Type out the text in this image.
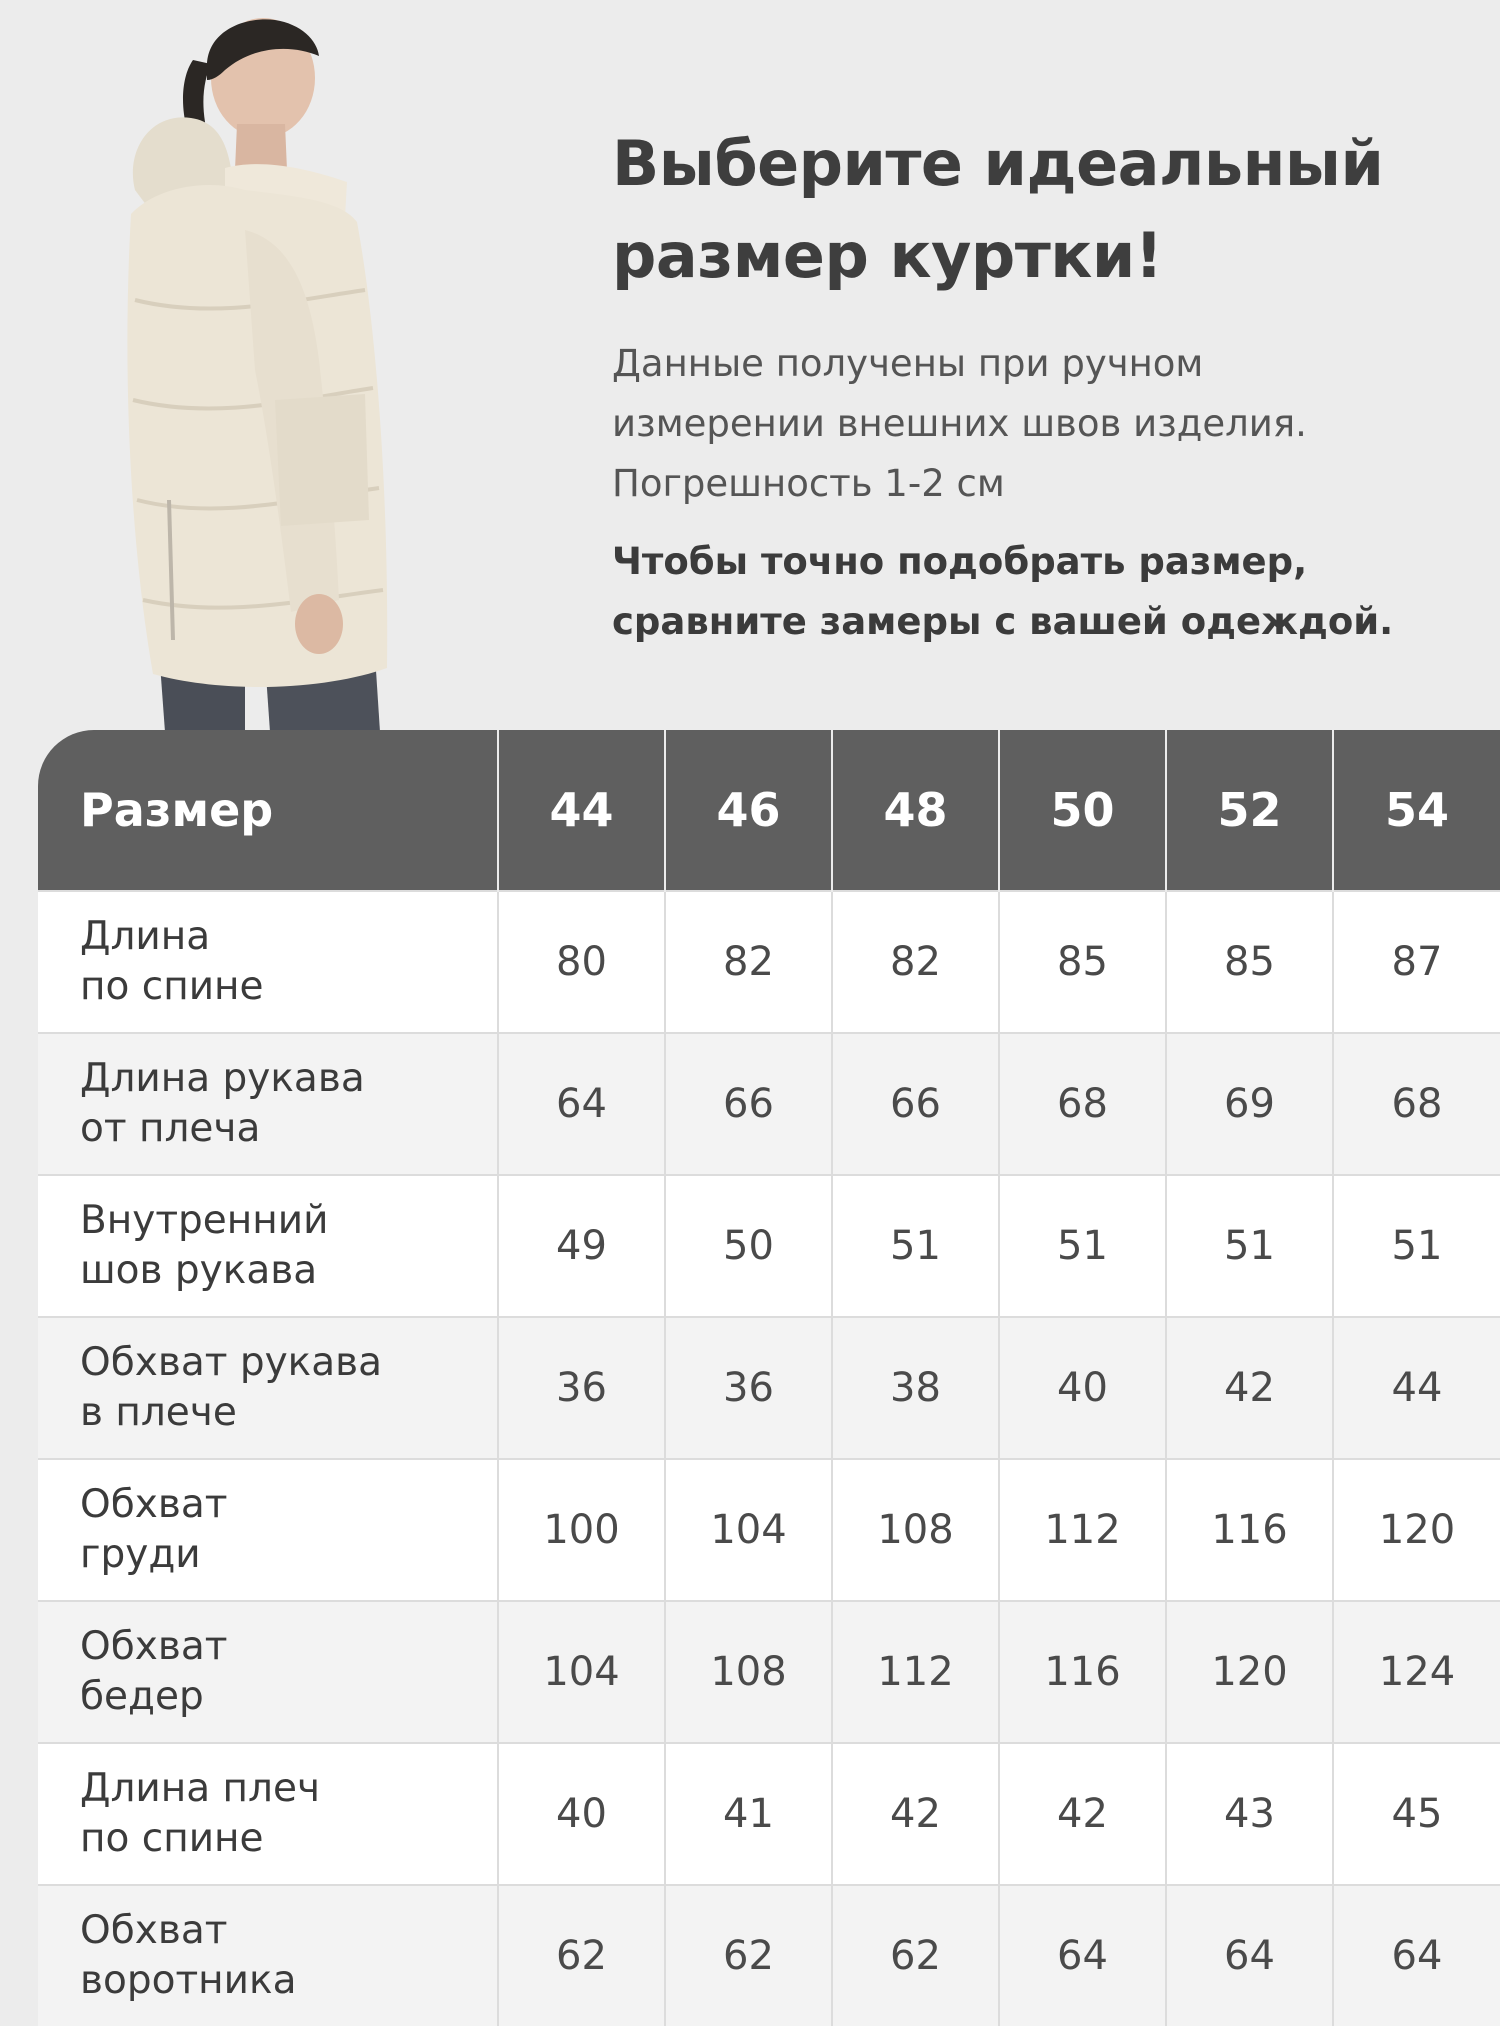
Выберите идеальный
размер куртки!

Данные получены при ручном
измерении внешних швов изделия.
Погрешность 1-2 см

Чтобы точно подобрать размер,
сравните замеры с вашей одеждой.

Размер	44	46	48	50	52	54

Длина
по спине	80	82	82	85	85	87

Длина рукава
от плеча	64	66	66	68	69	68

Внутренний
шов рукава	49	50	51	51	51	51

Обхват рукава
в плече	36	36	38	40	42	44

Обхват
груди	100	104	108	112	116	120

Обхват
бедер	104	108	112	116	120	124

Длина плеч
по спине	40	41	42	42	43	45

Обхват
воротника	62	62	62	64	64	64
